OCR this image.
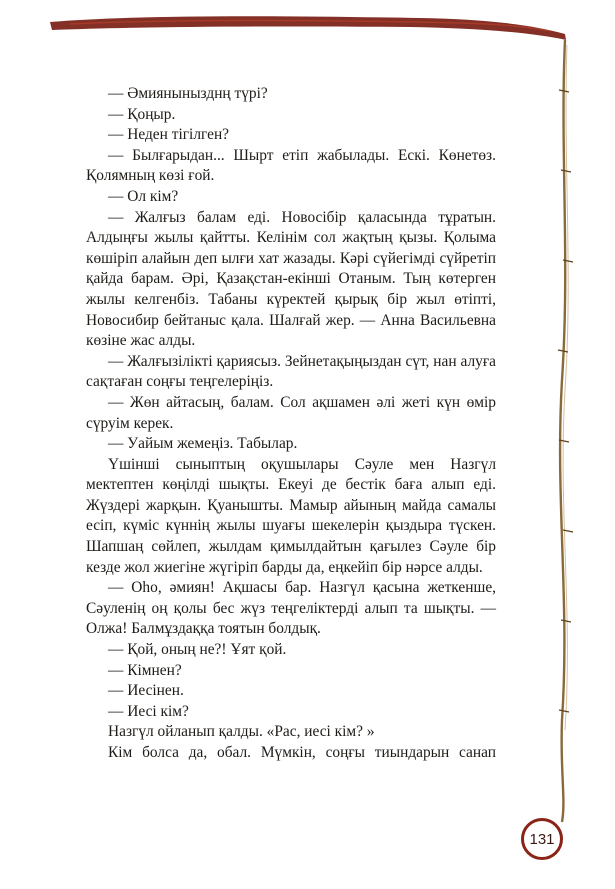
— Әмиянынызднң түрі?

— Қоңыр.

— Неден тігілген?

— Былғарыдан... Шырт етіп жабылады. Ескі. Көнетөз. Қолямның көзі ғой.

— Ол кім?

— Жалғыз балам еді. Новосібір қаласында тұратын. Алдыңғы жылы қайтты. Келінім сол жақтың қызы. Қолыма көшіріп алайын деп ылғи хат жазады. Кәрі сүйегімді сүйретіп қайда барам. Әрі, Қазақстан-екінші Отаным. Тың көтерген жылы келгенбіз. Табаны күректей қырық бір жыл өтіпті, Новосибир бейтаныс қала. Шалғай жер. — Анна Васильевна көзіне жас алды.

— Жалғызілікті қариясыз. Зейнетақыңыздан сүт, нан алуға сақтаған соңғы теңгелеріңіз.

— Жөн айтасың, балам. Сол ақшамен әлі жеті күн өмір сүруім керек.

— Уайым жемеңіз. Табылар.

Үшінші сыныптың оқушылары Сәуле мен Назгүл мектептен көңілді шықты. Екеуі де бестік баға алып еді. Жүздері жарқын. Қуанышты. Мамыр айының майда самалы есіп, күміс күннің жылы шуағы шекелерін қыздыра түскен. Шапшаң сөйлеп, жылдам қимылдайтын қағылез Сәуле бір кезде жол жиегіне жүгіріп барды да, еңкейіп бір нәрсе алды.

— Оһо, әмиян! Ақшасы бар. Назгүл қасына жеткенше, Сәуленің оң қолы бес жүз теңгеліктерді алып та шықты. — Олжа! Балмұздаққа тоятын болдық.

— Қой, оның не?! Ұят қой.

— Кімнен?

— Иесінен.

— Иесі кім?

Назгүл ойланып қалды. «Рас, иесі кім? »

Кім болса да, обал. Мүмкін, соңғы тиындарын санап

131
